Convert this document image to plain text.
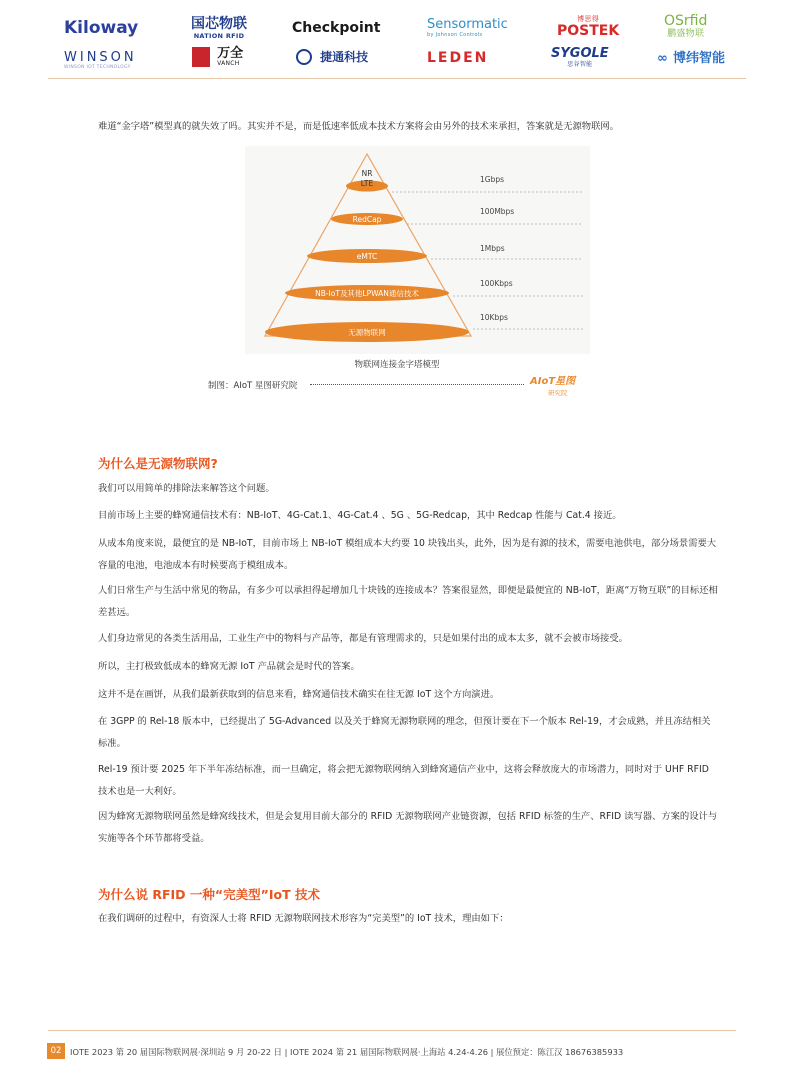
Kiloway	国芯物联
NATION RFID	Checkpoint	Sensormatic
by Johnson Controls
博思得
POSTEK
OSrfid
鹏盛物联
WINSON
WINSON IOT TECHNOLOGY

万全
VANCH	捷通科技	LEDEN	SYGOLE
思谷智能	∞ 博纬智能

难道“金字塔”模型真的就失效了吗。其实并不是，而是低速率低成本技术方案将会由另外的技术来承担，答案就是无源物联网。

NR
LTE	1Gbps
RedCap
100Mbps
eMTC
1Mbps
NB-IoT及其他LPWAN通信技术
100Kbps
无源物联网
10Kbps
物联网连接金字塔模型
制图：AIoT 星图研究院	AIoT星图
研究院
为什么是无源物联网?

我们可以用简单的排除法来解答这个问题。

目前市场上主要的蜂窝通信技术有：NB-IoT、4G-Cat.1、4G-Cat.4 、5G 、5G-Redcap，其中 Redcap 性能与 Cat.4 接近。

从成本角度来说，最便宜的是 NB-IoT，目前市场上 NB-IoT 模组成本大约要 10 块钱出头，此外，因为是有源的技术，需要电池供电，部分场景需要大容量的电池，电池成本有时候要高于模组成本。

人们日常生产与生活中常见的物品，有多少可以承担得起增加几十块钱的连接成本？答案很显然，即便是最便宜的 NB-IoT，距离“万物互联”的目标还相差甚远。

人们身边常见的各类生活用品，工业生产中的物料与产品等，都是有管理需求的，只是如果付出的成本太多，就不会被市场接受。

所以，主打极致低成本的蜂窝无源 IoT 产品就会是时代的答案。

这并不是在画饼，从我们最新获取到的信息来看，蜂窝通信技术确实在往无源 IoT 这个方向演进。

在 3GPP 的 Rel-18 版本中，已经提出了 5G-Advanced 以及关于蜂窝无源物联网的理念，但预计要在下一个版本 Rel-19，才会成熟，并且冻结相关标准。

Rel-19 预计要 2025 年下半年冻结标准，而一旦确定，将会把无源物联网纳入到蜂窝通信产业中，这将会释放庞大的市场潜力，同时对于 UHF RFID 技术也是一大利好。

因为蜂窝无源物联网虽然是蜂窝线技术，但是会复用目前大部分的 RFID 无源物联网产业链资源，包括 RFID 标签的生产、RFID 读写器、方案的设计与实施等各个环节都将受益。

为什么说 RFID 一种“完美型”IoT 技术

在我们调研的过程中，有资深人士将 RFID 无源物联网技术形容为“完美型”的 IoT 技术，理由如下：

02	IOTE 2023 第 20 届国际物联网展·深圳站 9 月 20-22 日 | IOTE 2024 第 21 届国际物联网展·上海站 4.24-4.26 | 展位预定：陈江汉 18676385933
